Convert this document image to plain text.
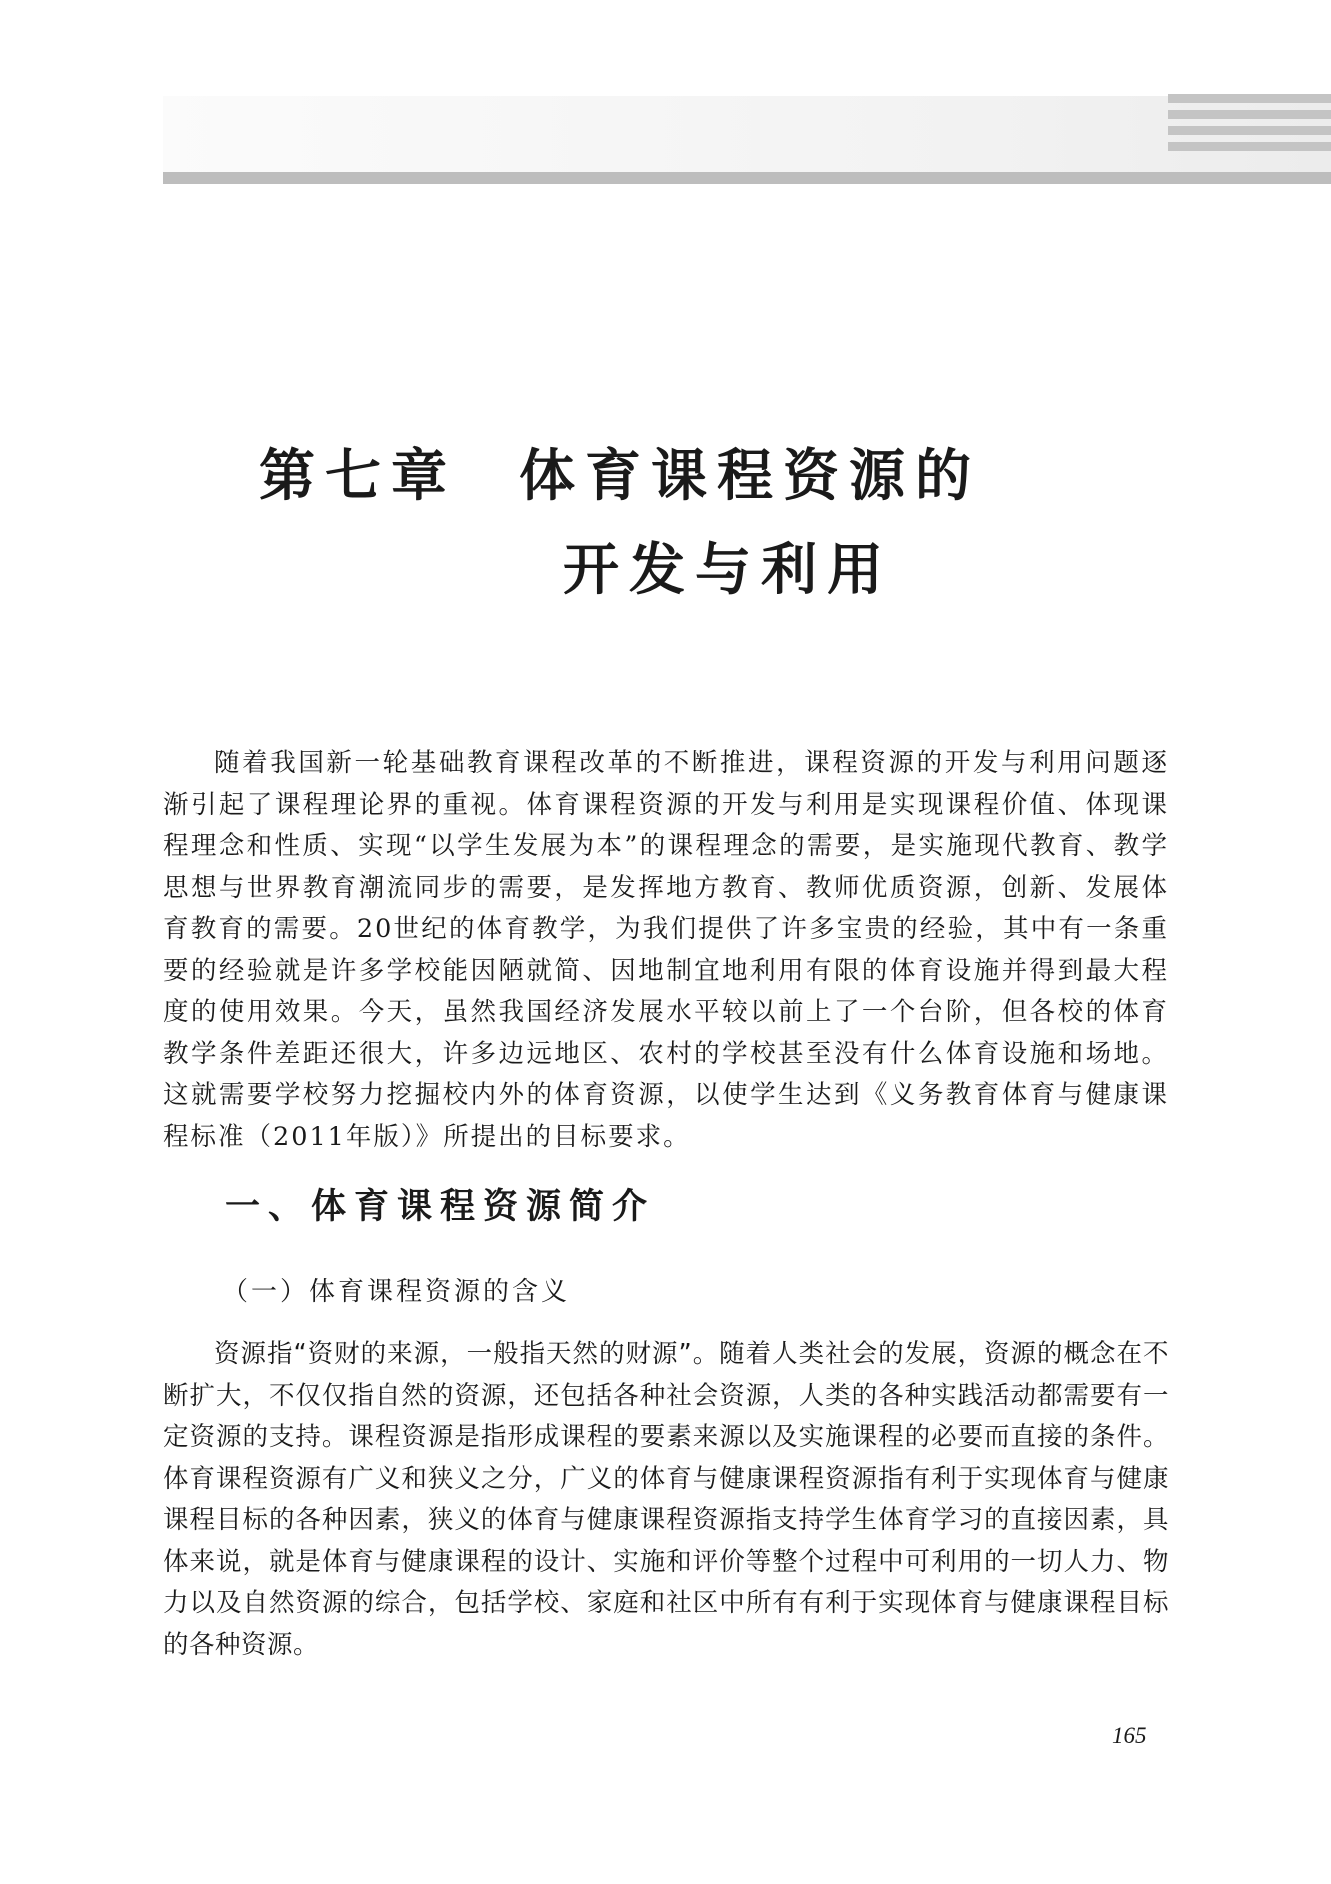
第七章 体育课程资源的
开发与利用

随着我国新一轮基础教育课程改革的不断推进，课程资源的开发与利用问题逐渐引起了课程理论界的重视。体育课程资源的开发与利用是实现课程价值、体现课程理念和性质、实现“以学生发展为本”的课程理念的需要，是实施现代教育、教学思想与世界教育潮流同步的需要，是发挥地方教育、教师优质资源，创新、发展体育教育的需要。20世纪的体育教学，为我们提供了许多宝贵的经验，其中有一条重要的经验就是许多学校能因陋就简、因地制宜地利用有限的体育设施并得到最大程度的使用效果。今天，虽然我国经济发展水平较以前上了一个台阶，但各校的体育教学条件差距还很大，许多边远地区、农村的学校甚至没有什么体育设施和场地。这就需要学校努力挖掘校内外的体育资源，以使学生达到《义务教育体育与健康课程标准（2011年版）》所提出的目标要求。

一、体育课程资源简介
（一）体育课程资源的含义

资源指“资财的来源，一般指天然的财源”。随着人类社会的发展，资源的概念在不断扩大，不仅仅指自然的资源，还包括各种社会资源，人类的各种实践活动都需要有一定资源的支持。课程资源是指形成课程的要素来源以及实施课程的必要而直接的条件。体育课程资源有广义和狭义之分，广义的体育与健康课程资源指有利于实现体育与健康课程目标的各种因素，狭义的体育与健康课程资源指支持学生体育学习的直接因素，具体来说，就是体育与健康课程的设计、实施和评价等整个过程中可利用的一切人力、物力以及自然资源的综合，包括学校、家庭和社区中所有有利于实现体育与健康课程目标的各种资源。

165
